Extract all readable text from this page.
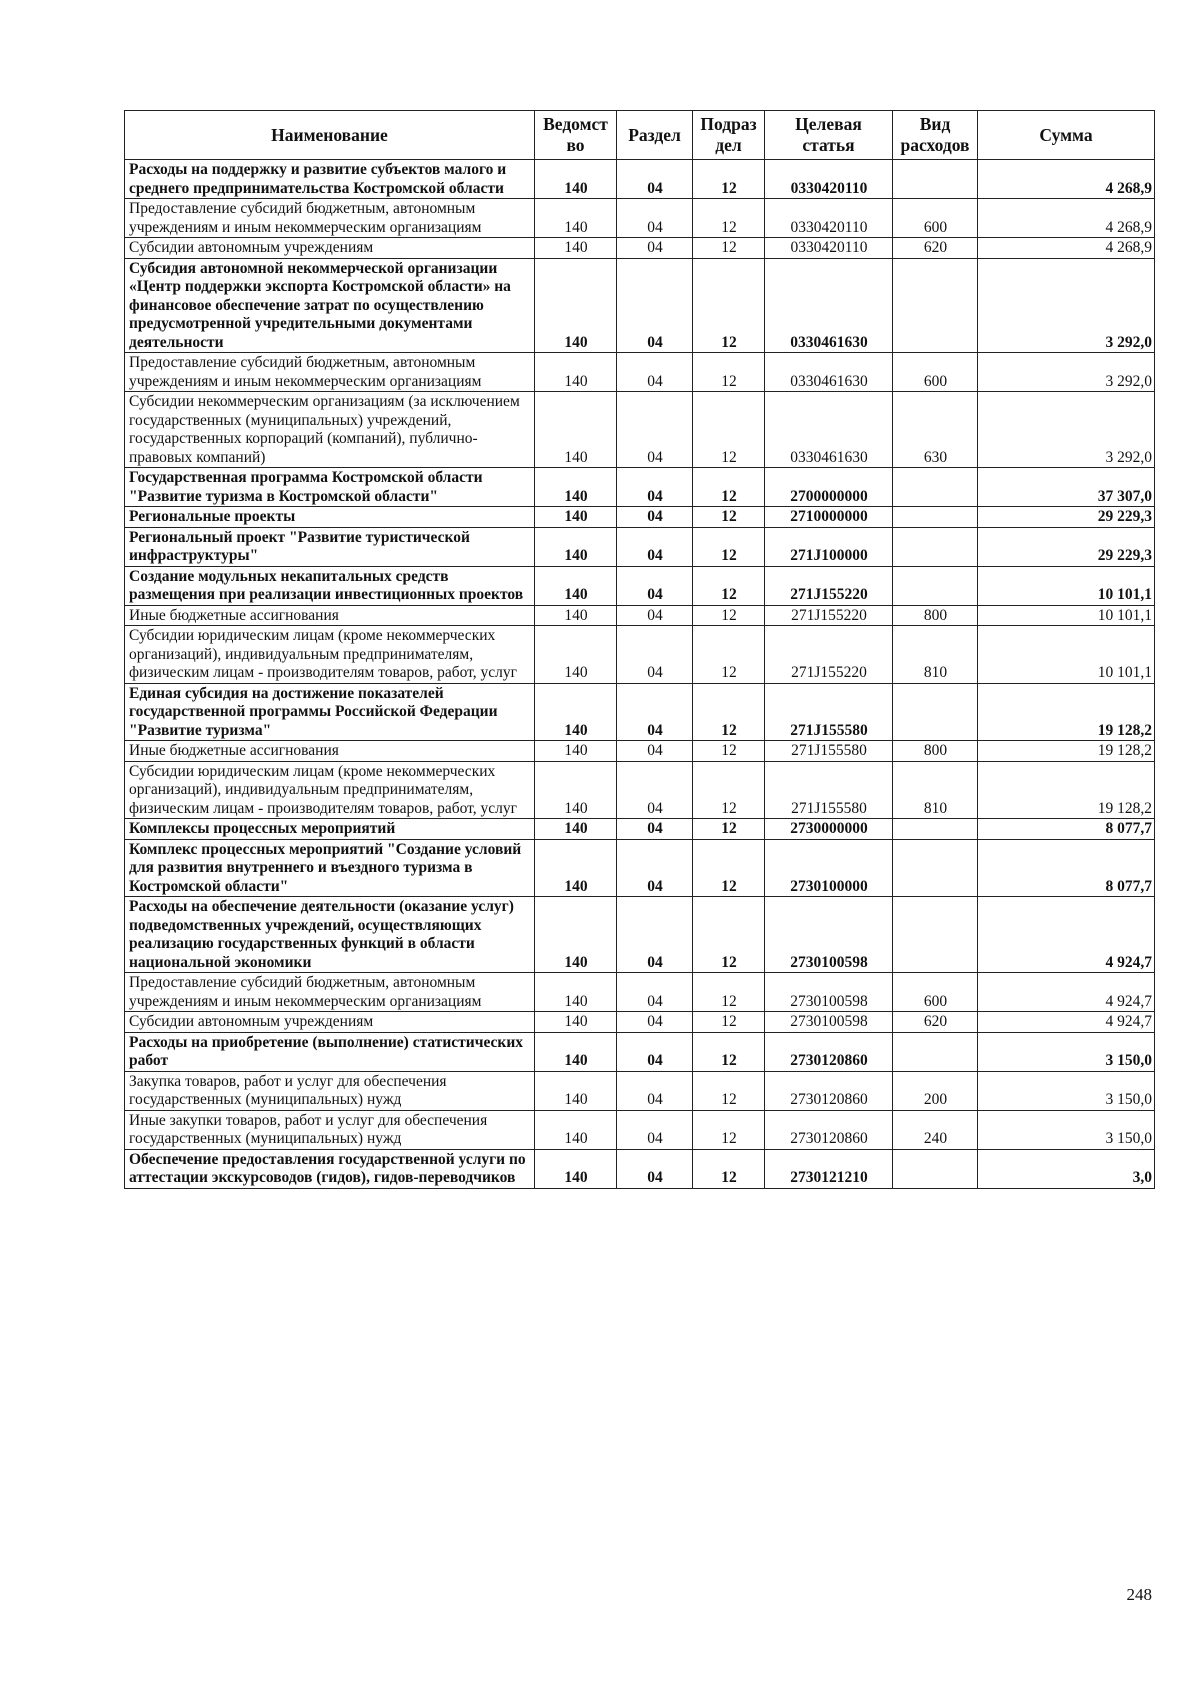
Наименование	Ведомст во	Раздел	Подраз дел	Целевая статья	Вид расходов	Сумма
Расходы на поддержку и развитие субъектов малого и среднего предпринимательства Костромской области	140	04	12	0330420110		4 268,9
Предоставление субсидий бюджетным, автономным учреждениям и иным некоммерческим организациям	140	04	12	0330420110	600	4 268,9
Субсидии автономным учреждениям	140	04	12	0330420110	620	4 268,9
Субсидия автономной некоммерческой организации «Центр поддержки экспорта Костромской области» на финансовое обеспечение затрат по осуществлению предусмотренной учредительными документами деятельности	140	04	12	0330461630		3 292,0
Предоставление субсидий бюджетным, автономным учреждениям и иным некоммерческим организациям	140	04	12	0330461630	600	3 292,0
Субсидии некоммерческим организациям (за исключением государственных (муниципальных) учреждений, государственных корпораций (компаний), публично-правовых компаний)	140	04	12	0330461630	630	3 292,0
Государственная программа Костромской области "Развитие туризма в Костромской области"	140	04	12	2700000000		37 307,0
Региональные проекты	140	04	12	2710000000		29 229,3
Региональный проект "Развитие туристической инфраструктуры"	140	04	12	271J100000		29 229,3
Создание модульных некапитальных средств размещения при реализации инвестиционных проектов	140	04	12	271J155220		10 101,1
Иные бюджетные ассигнования	140	04	12	271J155220	800	10 101,1
Субсидии юридическим лицам (кроме некоммерческих организаций), индивидуальным предпринимателям, физическим лицам - производителям товаров, работ, услуг	140	04	12	271J155220	810	10 101,1
Единая субсидия на достижение показателей государственной программы Российской Федерации "Развитие туризма"	140	04	12	271J155580		19 128,2
Иные бюджетные ассигнования	140	04	12	271J155580	800	19 128,2
Субсидии юридическим лицам (кроме некоммерческих организаций), индивидуальным предпринимателям, физическим лицам - производителям товаров, работ, услуг	140	04	12	271J155580	810	19 128,2
Комплексы процессных мероприятий	140	04	12	2730000000		8 077,7
Комплекс процессных мероприятий "Создание условий для развития внутреннего и въездного туризма в Костромской области"	140	04	12	2730100000		8 077,7
Расходы на обеспечение деятельности (оказание услуг) подведомственных учреждений, осуществляющих реализацию государственных функций в области национальной экономики	140	04	12	2730100598		4 924,7
Предоставление субсидий бюджетным, автономным учреждениям и иным некоммерческим организациям	140	04	12	2730100598	600	4 924,7
Субсидии автономным учреждениям	140	04	12	2730100598	620	4 924,7
Расходы на приобретение (выполнение) статистических работ	140	04	12	2730120860		3 150,0
Закупка товаров, работ и услуг для обеспечения государственных (муниципальных) нужд	140	04	12	2730120860	200	3 150,0
Иные закупки товаров, работ и услуг для обеспечения государственных (муниципальных) нужд	140	04	12	2730120860	240	3 150,0
Обеспечение предоставления государственной услуги по аттестации экскурсоводов (гидов), гидов-переводчиков	140	04	12	2730121210		3,0
248
